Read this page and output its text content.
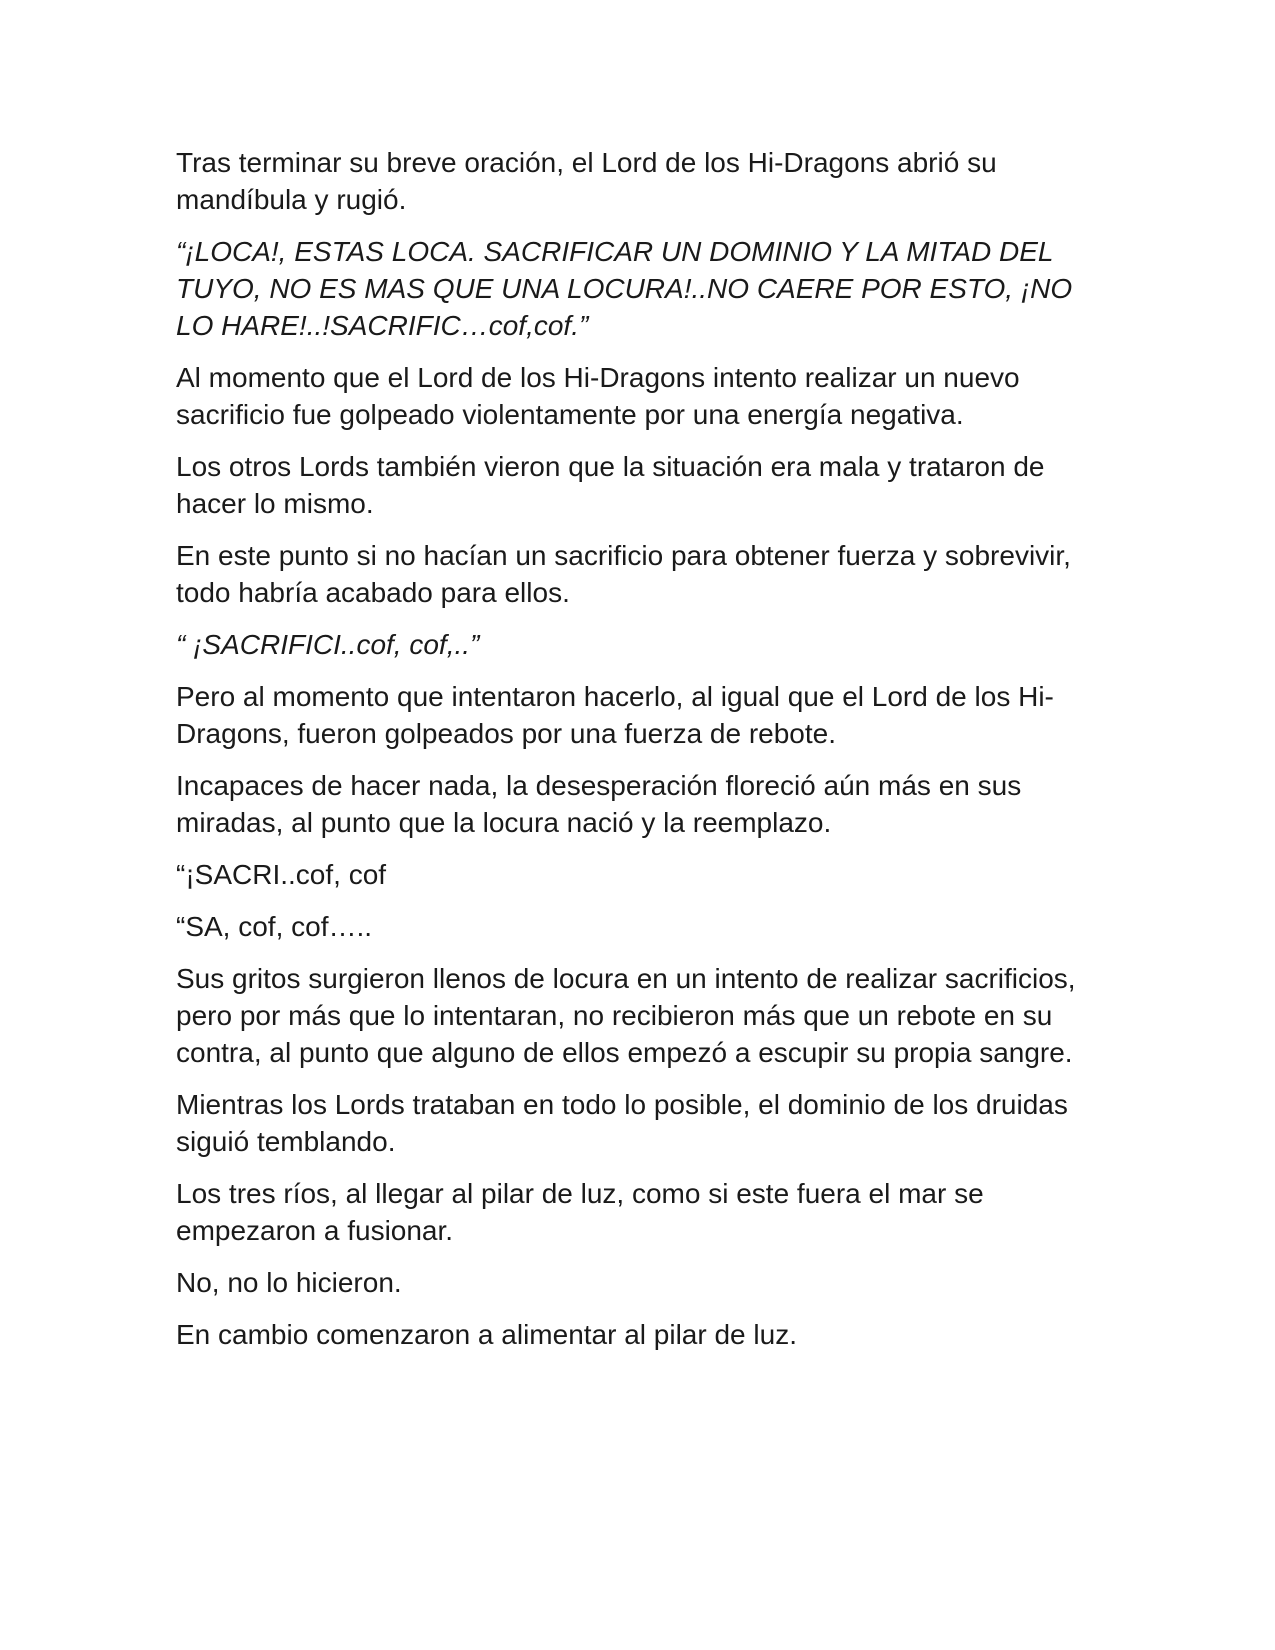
Tras terminar su breve oración, el Lord de los Hi-Dragons abrió su mandíbula y rugió.

“¡LOCA!, ESTAS LOCA. SACRIFICAR UN DOMINIO Y LA MITAD DEL TUYO, NO ES MAS QUE UNA LOCURA!..NO CAERE POR ESTO, ¡NO LO HARE!..!SACRIFIC…cof,cof.”

Al momento que el Lord de los Hi-Dragons intento realizar un nuevo sacrificio fue golpeado violentamente por una energía negativa.

Los otros Lords también vieron que la situación era mala y trataron de hacer lo mismo.

En este punto si no hacían un sacrificio para obtener fuerza y sobrevivir, todo habría acabado para ellos.

“ ¡SACRIFICI..cof, cof,..”

Pero al momento que intentaron hacerlo, al igual que el Lord de los Hi-Dragons, fueron golpeados por una fuerza de rebote.

Incapaces de hacer nada, la desesperación floreció aún más en sus miradas, al punto que la locura nació y la reemplazo.

“¡SACRI..cof, cof

“SA, cof, cof…..

Sus gritos surgieron llenos de locura en un intento de realizar sacrificios, pero por más que lo intentaran, no recibieron más que un rebote en su contra, al punto que alguno de ellos empezó a escupir su propia sangre.

Mientras los Lords trataban en todo lo posible, el dominio de los druidas siguió temblando.

Los tres ríos, al llegar al pilar de luz, como si este fuera el mar se empezaron a fusionar.

No, no lo hicieron.

En cambio comenzaron a alimentar al pilar de luz.
